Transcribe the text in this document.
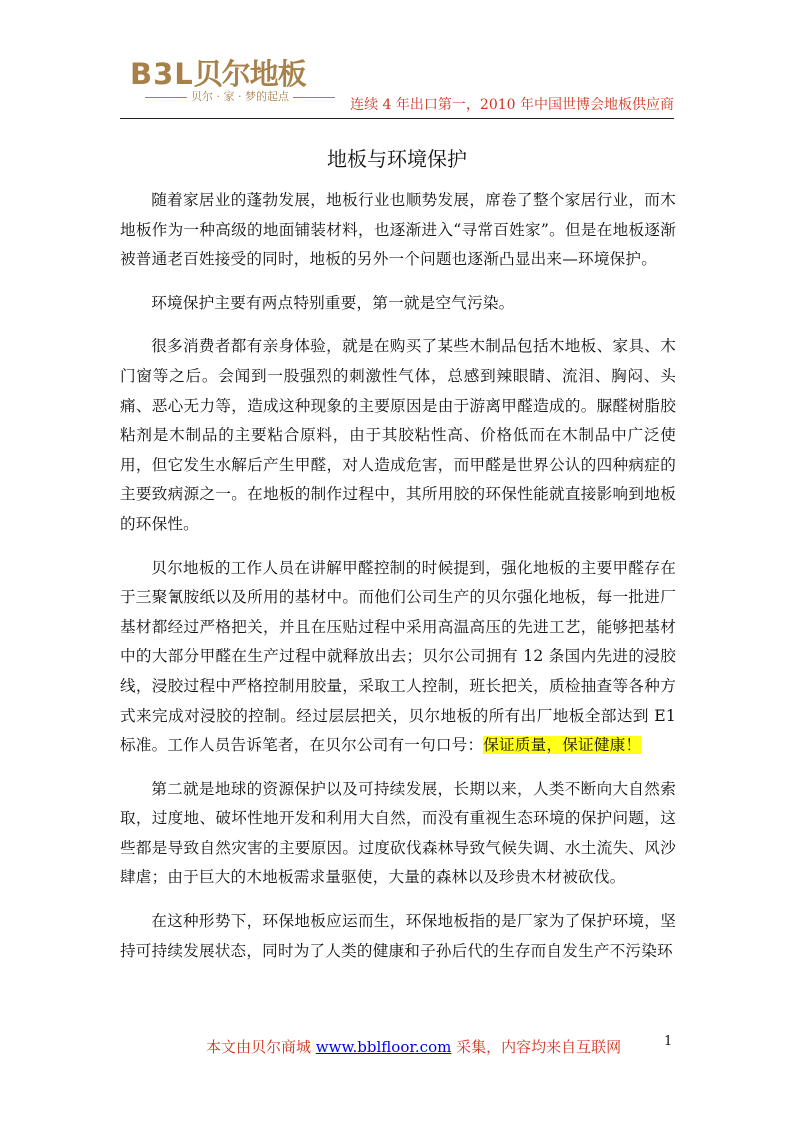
B3L贝尔地板
贝尔 · 家 · 梦的起点
连续 4 年出口第一，2010 年中国世博会地板供应商
地板与环境保护

随着家居业的蓬勃发展，地板行业也顺势发展，席卷了整个家居行业，而木地板作为一种高级的地面铺装材料，也逐渐进入“寻常百姓家”。但是在地板逐渐被普通老百姓接受的同时，地板的另外一个问题也逐渐凸显出来—环境保护。

环境保护主要有两点特别重要，第一就是空气污染。

很多消费者都有亲身体验，就是在购买了某些木制品包括木地板、家具、木门窗等之后。会闻到一股强烈的刺激性气体，总感到辣眼睛、流泪、胸闷、头痛、恶心无力等，造成这种现象的主要原因是由于游离甲醛造成的。脲醛树脂胶粘剂是木制品的主要粘合原料，由于其胶粘性高、价格低而在木制品中广泛使用，但它发生水解后产生甲醛，对人造成危害，而甲醛是世界公认的四种病症的主要致病源之一。在地板的制作过程中，其所用胶的环保性能就直接影响到地板的环保性。

贝尔地板的工作人员在讲解甲醛控制的时候提到，强化地板的主要甲醛存在于三聚氰胺纸以及所用的基材中。而他们公司生产的贝尔强化地板，每一批进厂基材都经过严格把关，并且在压贴过程中采用高温高压的先进工艺，能够把基材中的大部分甲醛在生产过程中就释放出去；贝尔公司拥有 12 条国内先进的浸胶线，浸胶过程中严格控制用胶量，采取工人控制，班长把关，质检抽查等各种方式来完成对浸胶的控制。经过层层把关，贝尔地板的所有出厂地板全部达到 E1 标准。工作人员告诉笔者，在贝尔公司有一句口号：保证质量，保证健康！

第二就是地球的资源保护以及可持续发展，长期以来，人类不断向大自然索取，过度地、破坏性地开发和利用大自然，而没有重视生态环境的保护问题，这些都是导致自然灾害的主要原因。过度砍伐森林导致气候失调、水土流失、风沙肆虐；由于巨大的木地板需求量驱使，大量的森林以及珍贵木材被砍伐。

在这种形势下，环保地板应运而生，环保地板指的是厂家为了保护环境，坚持可持续发展状态，同时为了人类的健康和子孙后代的生存而自发生产不污染环

本文由贝尔商城 www.bblfloor.com 采集，内容均来自互联网	1
